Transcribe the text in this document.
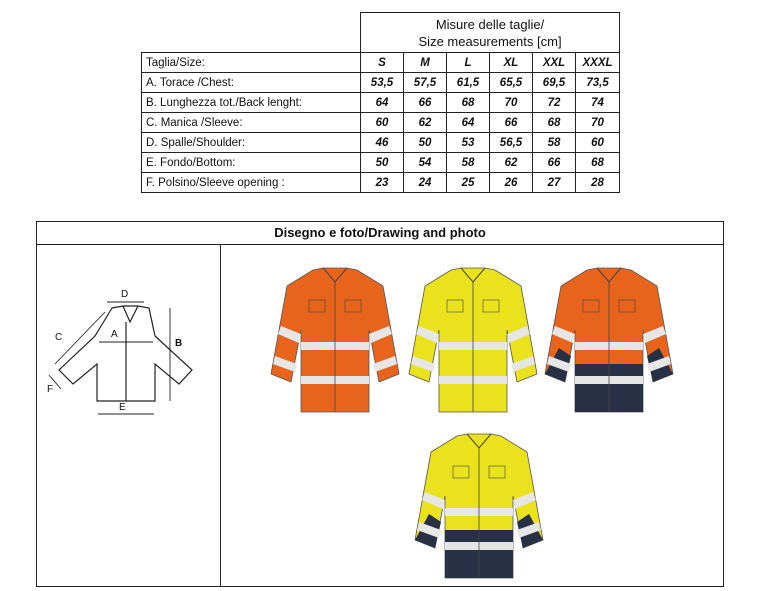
	Misure delle taglie/
Size measurements [cm]					

Taglia/Size:	S	M	L	XL	XXL	XXXL
A. Torace /Chest:	53,5	57,5	61,5	65,5	69,5	73,5
B. Lunghezza tot./Back lenght:	64	66	68	70	72	74
C. Manica /Sleeve:	60	62	64	66	68	70
D. Spalle/Shoulder:	46	50	53	56,5	58	60
E. Fondo/Bottom:	50	54	58	62	66	68
F. Polsino/Sleeve opening :	23	24	25	26	27	28
Disegno e foto/Drawing and photo
D
A
B
C
E
F
